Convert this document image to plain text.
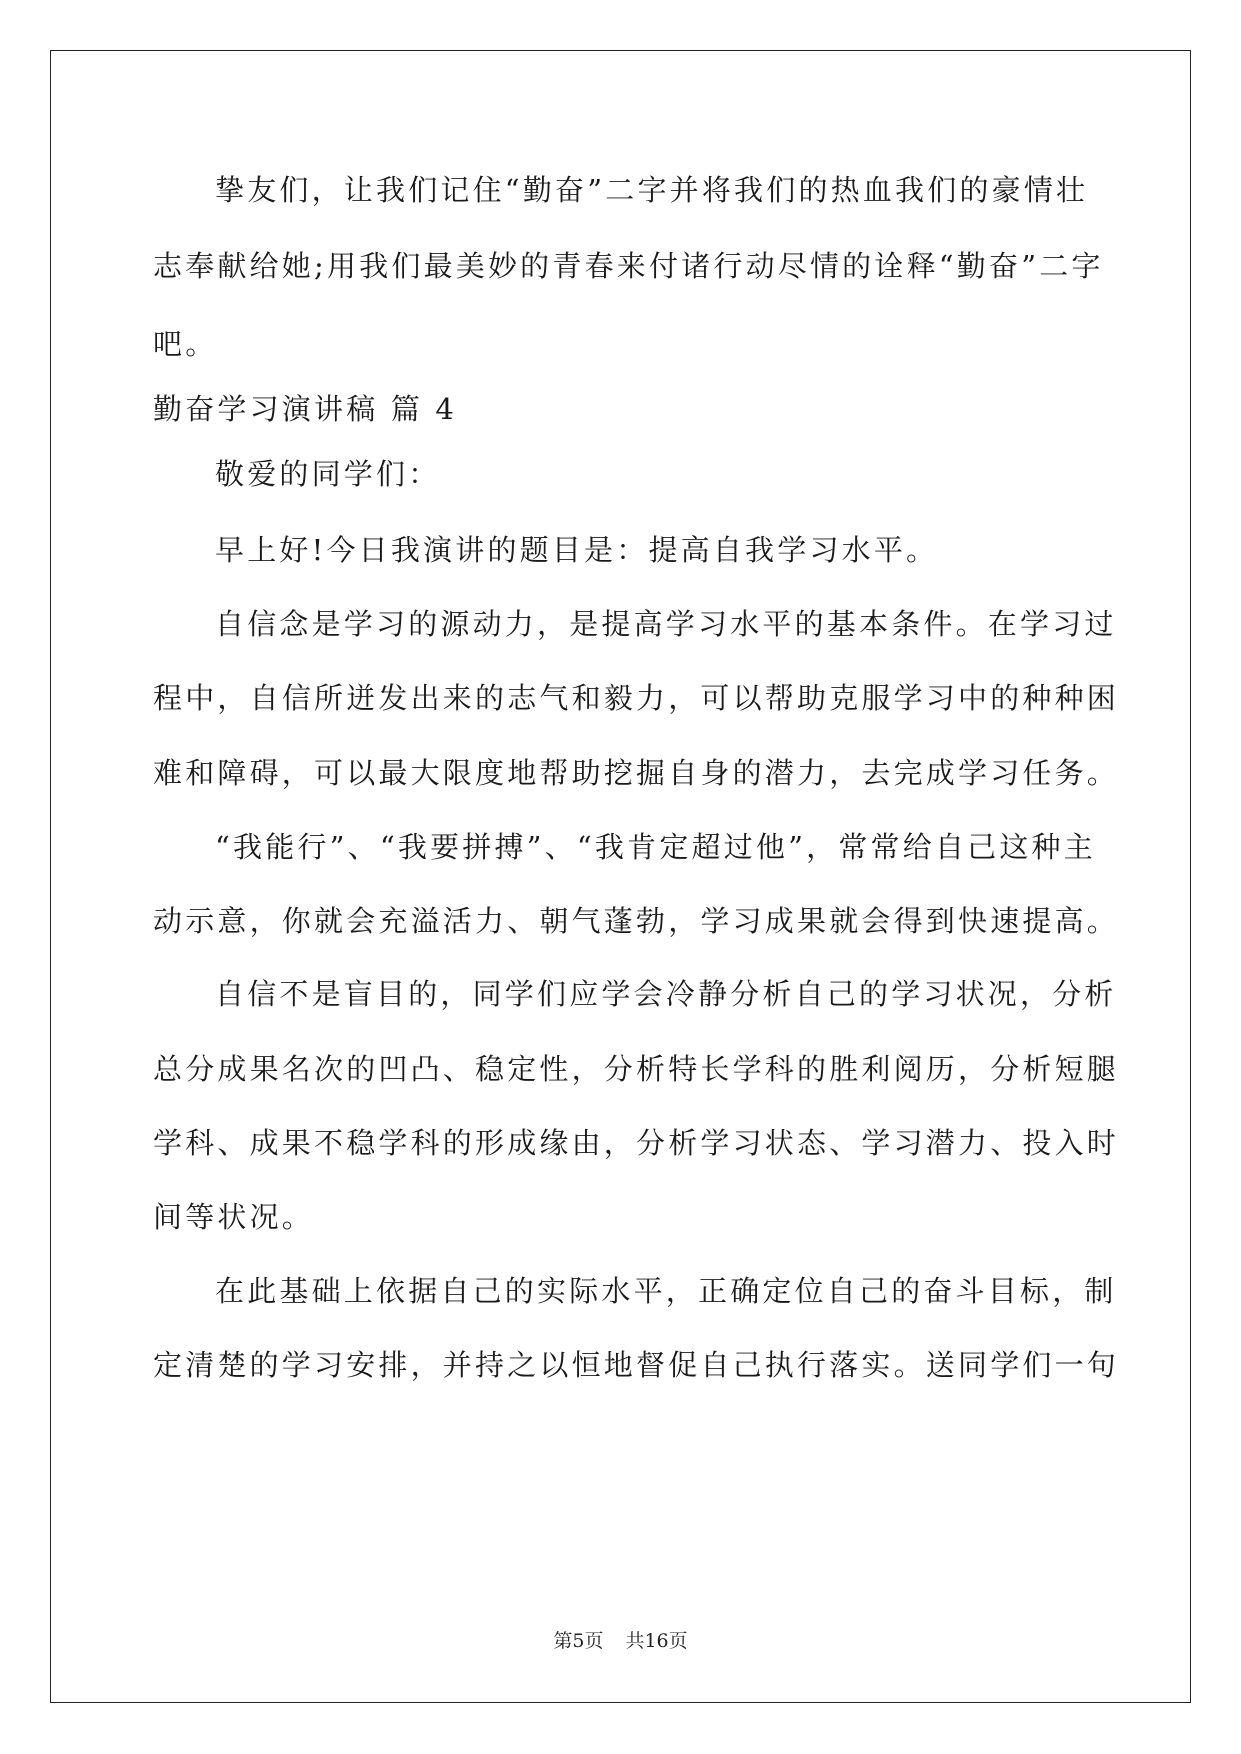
挚友们，让我们记住“勤奋”二字并将我们的热血我们的豪情壮
志奉献给她;用我们最美妙的青春来付诸行动尽情的诠释“勤奋”二字
吧。
勤奋学习演讲稿 篇 4
敬爱的同学们：
早上好!今日我演讲的题目是：提高自我学习水平。
自信念是学习的源动力，是提高学习水平的基本条件。在学习过
程中，自信所迸发出来的志气和毅力，可以帮助克服学习中的种种困
难和障碍，可以最大限度地帮助挖掘自身的潜力，去完成学习任务。
“我能行”、“我要拼搏”、“我肯定超过他”，常常给自己这种主
动示意，你就会充溢活力、朝气蓬勃，学习成果就会得到快速提高。
自信不是盲目的，同学们应学会冷静分析自己的学习状况，分析
总分成果名次的凹凸、稳定性，分析特长学科的胜利阅历，分析短腿
学科、成果不稳学科的形成缘由，分析学习状态、学习潜力、投入时
间等状况。
在此基础上依据自己的实际水平，正确定位自己的奋斗目标，制
定清楚的学习安排，并持之以恒地督促自己执行落实。送同学们一句
第5页 共16页
